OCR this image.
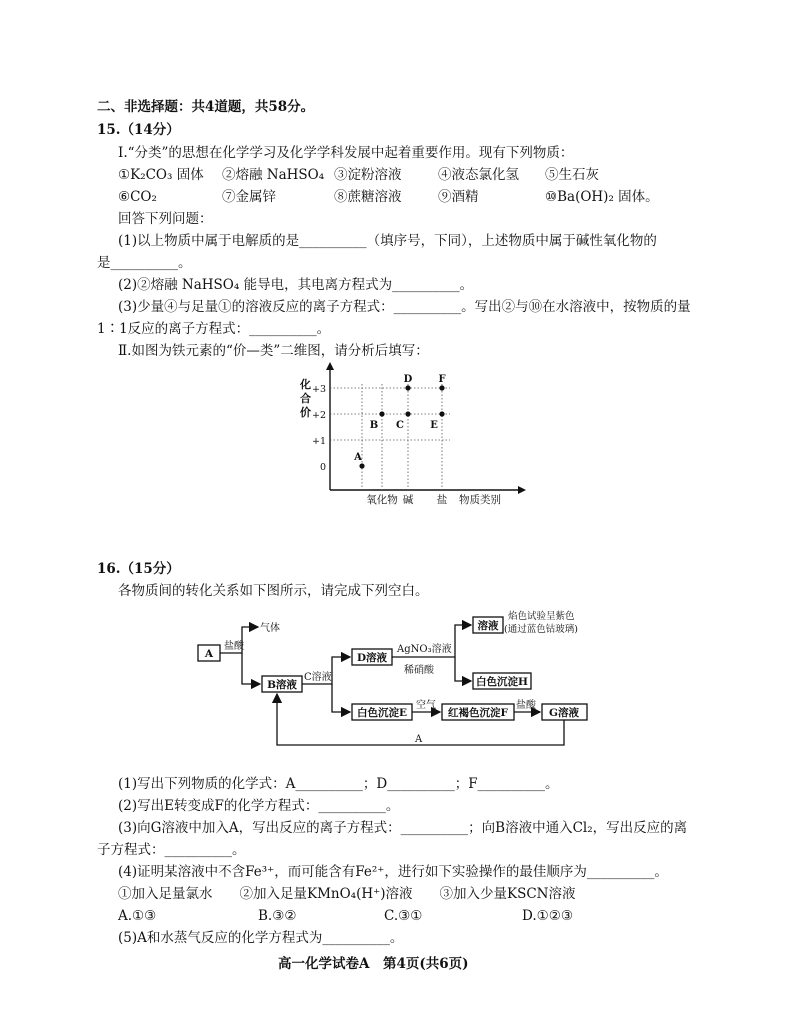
二、非选择题：共4道题，共58分。
15.（14分）
Ⅰ.“分类”的思想在化学学习及化学学科发展中起着重要作用。现有下列物质：
①K₂CO₃ 固体 ②熔融 NaHSO₄ ③淀粉溶液	④液态氯化氢 ⑤生石灰
⑥CO₂	⑦金属锌	⑧蔗糖溶液	⑨酒精	⑩Ba(OH)₂ 固体。
回答下列问题：
(1)以上物质中属于电解质的是__________（填序号，下同），上述物质中属于碱性氧化物的
是__________。
(2)②熔融 NaHSO₄ 能导电，其电离方程式为__________。
(3)少量④与足量①的溶液反应的离子方程式：__________。写出②与⑩在水溶液中，按物质的量
1∶1反应的离子方程式：__________。
Ⅱ.如图为铁元素的“价—类”二维图，请分析后填写：
化
合
价
物质类别
+3
+2
+1
0
氧化物 碱 盐
A
B C
D
E
F
16.（15分）
各物质间的转化关系如下图所示，请完成下列空白。
A
B溶液
D溶液
溶液
白色沉淀H
白色沉淀E	红褐色沉淀F	G溶液
盐酸
气体
C溶液
AgNO₃溶液
稀硝酸
焰色试验呈紫色
(通过蓝色钴玻璃)
空气	盐酸
A
(1)写出下列物质的化学式：A__________；D__________；F__________。
(2)写出E转变成F的化学方程式：__________。
(3)向G溶液中加入A，写出反应的离子方程式：__________；向B溶液中通入Cl₂，写出反应的离
子方程式：__________。
(4)证明某溶液中不含Fe³⁺，而可能含有Fe²⁺，进行如下实验操作的最佳顺序为__________。
①加入足量氯水　　②加入足量KMnO₄(H⁺)溶液　　③加入少量KSCN溶液
A.①③	B.③②	C.③①	D.①②③
(5)A和水蒸气反应的化学方程式为__________。
高一化学试卷A　第4页(共6页)
